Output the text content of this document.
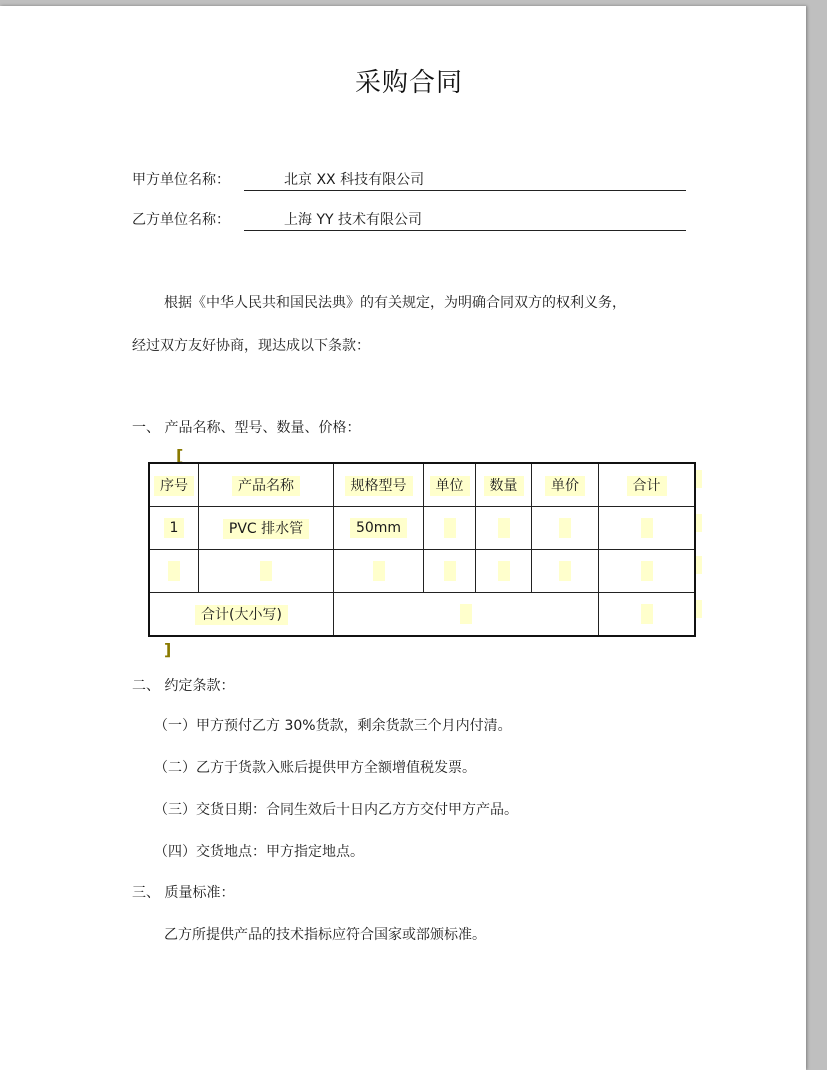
采购合同
甲方单位名称：	北京 XX 科技有限公司
乙方单位名称：	上海 YY 技术有限公司
根据《中华人民共和国民法典》的有关规定，为明确合同双方的权利义务，
经过双方友好协商，现达成以下条款：
一、 产品名称、型号、数量、价格：
[
序号	产品名称	规格型号	单位	数量	单价	合计
1	PVC 排水管	50mm				

合计(大小写)		
]
二、 约定条款：
（一）甲方预付乙方 30%货款，剩余货款三个月内付清。
（二）乙方于货款入账后提供甲方全额增值税发票。
（三）交货日期：合同生效后十日内乙方方交付甲方产品。
（四）交货地点：甲方指定地点。
三、 质量标准：
乙方所提供产品的技术指标应符合国家或部颁标准。
